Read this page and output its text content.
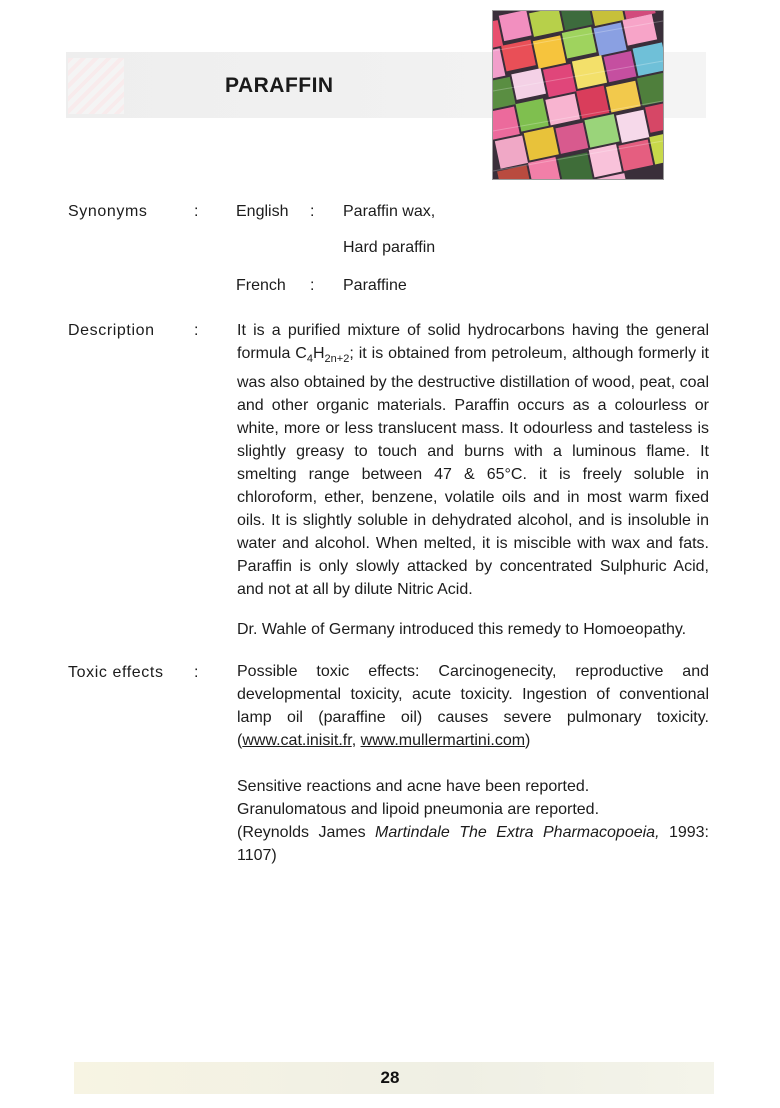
PARAFFIN
Synonyms	: English : Paraffin wax,
Hard paraffin
French : Paraffine
Description : It is a purified mixture of solid hydrocarbons having the general formula $C_4H_{2n+2}$; it is obtained from petroleum, although formerly it was also obtained by the destructive distillation of wood, peat, coal and other organic materials. Paraffin occurs as a colourless or white, more or less translucent mass. It odourless and tasteless is slightly greasy to touch and burns with a luminous flame. It smelting range between 47 & 65°C. it is freely soluble in chloroform, ether, benzene, volatile oils and in most warm fixed oils. It is slightly soluble in dehydrated alcohol, and is insoluble in water and alcohol. When melted, it is miscible with wax and fats. Paraffin is only slowly attacked by concentrated Sulphuric Acid, and not at all by dilute Nitric Acid.

Dr. Wahle of Germany introduced this remedy to Homoeopathy.

Toxic effects : Possible toxic effects: Carcinogenecity, reproductive and developmental toxicity, acute toxicity. Ingestion of conventional lamp oil (paraffine oil) causes severe pulmonary toxicity. (www.cat.inisit.fr, www.mullermartini.com)

Sensitive reactions and acne have been reported.
Granulomatous and lipoid pneumonia are reported.

(Reynolds James Martindale The Extra Pharmacopoeia, 1993: 1107)

28
